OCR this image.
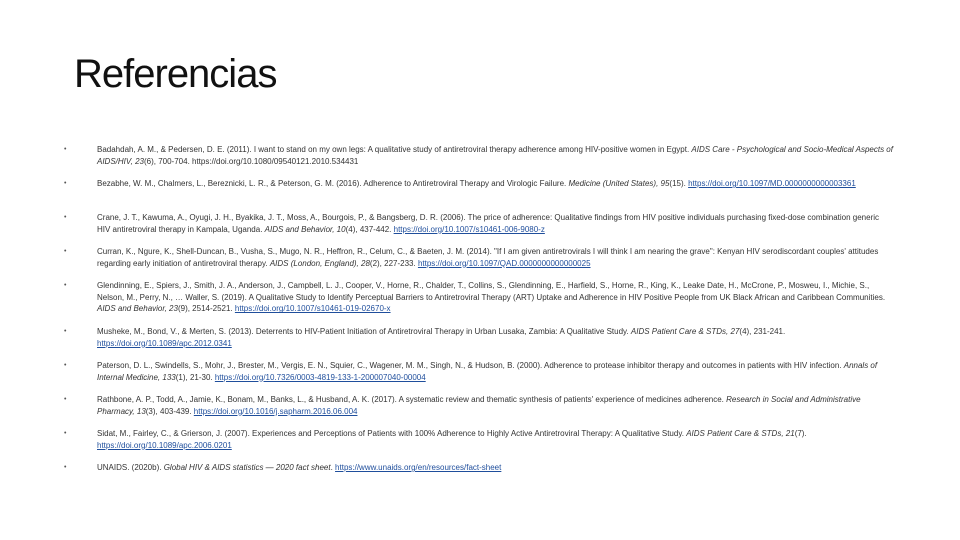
Referencias
•	Badahdah, A. M., & Pedersen, D. E. (2011). I want to stand on my own legs: A qualitative study of antiretroviral therapy adherence among HIV-positive women in Egypt. AIDS Care - Psychological and Socio-Medical Aspects of AIDS/HIV, 23(6), 700-704. https://doi.org/10.1080/09540121.2010.534431
•	Bezabhe, W. M., Chalmers, L., Bereznicki, L. R., & Peterson, G. M. (2016). Adherence to Antiretroviral Therapy and Virologic Failure. Medicine (United States), 95(15). https://doi.org/10.1097/MD.0000000000003361
•	Crane, J. T., Kawuma, A., Oyugi, J. H., Byakika, J. T., Moss, A., Bourgois, P., & Bangsberg, D. R. (2006). The price of adherence: Qualitative findings from HIV positive individuals purchasing fixed-dose combination generic HIV antiretroviral therapy in Kampala, Uganda. AIDS and Behavior, 10(4), 437-442. https://doi.org/10.1007/s10461-006-9080-z
•	Curran, K., Ngure, K., Shell-Duncan, B., Vusha, S., Mugo, N. R., Heffron, R., Celum, C., & Baeten, J. M. (2014). "If I am given antiretrovirals I will think I am nearing the grave": Kenyan HIV serodiscordant couples' attitudes regarding early initiation of antiretroviral therapy. AIDS (London, England), 28(2), 227-233. https://doi.org/10.1097/QAD.0000000000000025
•	Glendinning, E., Spiers, J., Smith, J. A., Anderson, J., Campbell, L. J., Cooper, V., Horne, R., Chalder, T., Collins, S., Glendinning, E., Harfield, S., Horne, R., King, K., Leake Date, H., McCrone, P., Mosweu, I., Michie, S., Nelson, M., Perry, N., … Waller, S. (2019). A Qualitative Study to Identify Perceptual Barriers to Antiretroviral Therapy (ART) Uptake and Adherence in HIV Positive People from UK Black African and Caribbean Communities. AIDS and Behavior, 23(9), 2514-2521. https://doi.org/10.1007/s10461-019-02670-x
•	Musheke, M., Bond, V., & Merten, S. (2013). Deterrents to HIV-Patient Initiation of Antiretroviral Therapy in Urban Lusaka, Zambia: A Qualitative Study. AIDS Patient Care & STDs, 27(4), 231-241. https://doi.org/10.1089/apc.2012.0341
•	Paterson, D. L., Swindells, S., Mohr, J., Brester, M., Vergis, E. N., Squier, C., Wagener, M. M., Singh, N., & Hudson, B. (2000). Adherence to protease inhibitor therapy and outcomes in patients with HIV infection. Annals of Internal Medicine, 133(1), 21-30. https://doi.org/10.7326/0003-4819-133-1-200007040-00004
•	Rathbone, A. P., Todd, A., Jamie, K., Bonam, M., Banks, L., & Husband, A. K. (2017). A systematic review and thematic synthesis of patients' experience of medicines adherence. Research in Social and Administrative Pharmacy, 13(3), 403-439. https://doi.org/10.1016/j.sapharm.2016.06.004
•	Sidat, M., Fairley, C., & Grierson, J. (2007). Experiences and Perceptions of Patients with 100% Adherence to Highly Active Antiretroviral Therapy: A Qualitative Study. AIDS Patient Care & STDs, 21(7). https://doi.org/10.1089/apc.2006.0201
•	UNAIDS. (2020b). Global HIV & AIDS statistics — 2020 fact sheet. https://www.unaids.org/en/resources/fact-sheet
